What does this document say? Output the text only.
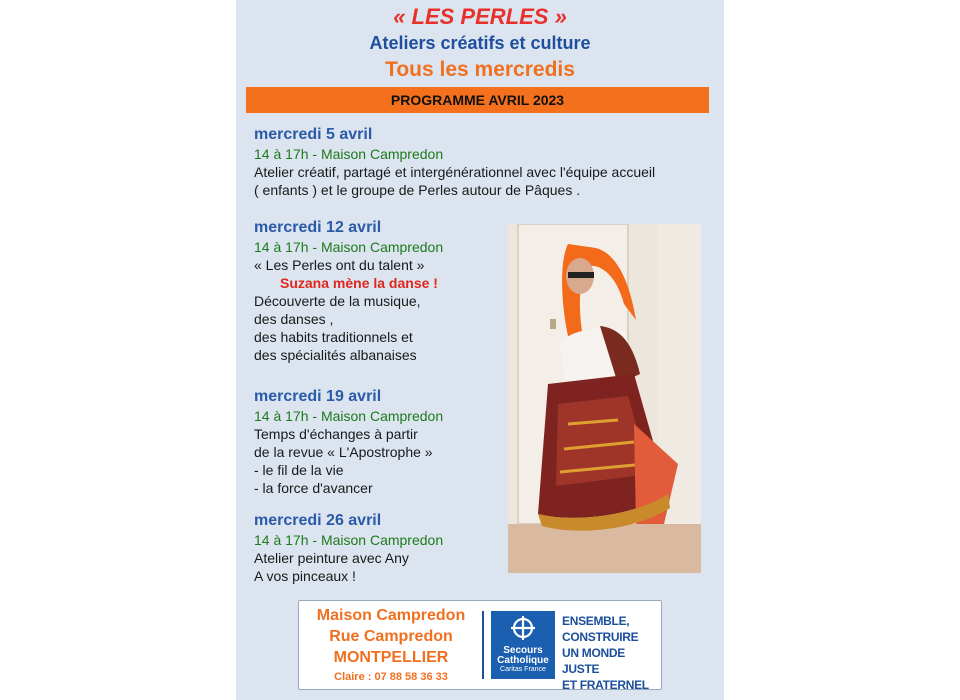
« LES PERLES »
Ateliers créatifs et culture
Tous les mercredis
PROGRAMME AVRIL 2023
mercredi 5 avril
14 à 17h - Maison Campredon
Atelier créatif, partagé et intergénérationnel avec l'équipe accueil
( enfants ) et le groupe de Perles autour de Pâques .
mercredi 12 avril
14 à 17h - Maison Campredon
« Les Perles ont du talent »
Suzana mène la danse !
Découverte de la musique,
des danses ,
des habits traditionnels et
des spécialités albanaises
mercredi 19 avril
14 à 17h - Maison Campredon
Temps d'échanges à partir
de la revue « L'Apostrophe »
- le fil de la vie
- la force d'avancer
mercredi 26 avril
14 à 17h - Maison Campredon
Atelier peinture avec Any
A vos pinceaux !
Maison Campredon
Rue Campredon
MONTPELLIER
Claire : 07 88 58 36 33
Secours
Catholique
Caritas France
ENSEMBLE,
CONSTRUIRE
UN MONDE JUSTE
ET FRATERNEL
